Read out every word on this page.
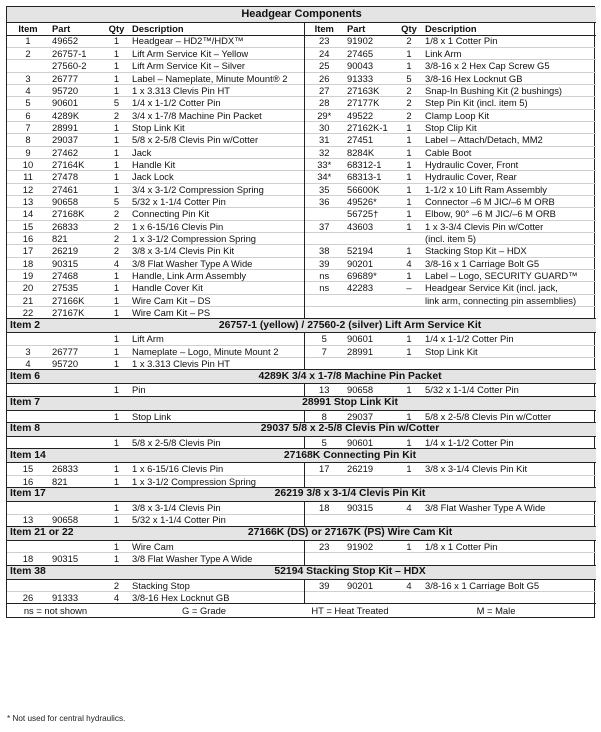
Headgear Components							
Item	Part	Qty	Description	Item	Part	Qty	Description
1	49652	1	Headgear – HD2™/HDX™	23	91902	2	1/8 x 1 Cotter Pin
2	26757-1	1	Lift Arm Service Kit – Yellow	24	27465	1	Link Arm
	27560-2	1	Lift Arm Service Kit – Silver	25	90043	1	3/8-16 x 2 Hex Cap Screw G5
3	26777	1	Label – Nameplate, Minute Mount® 2	26	91333	5	3/8-16 Hex Locknut GB
4	95720	1	1 x 3.313 Clevis Pin HT	27	27163K	2	Snap-In Bushing Kit (2 bushings)
5	90601	5	1/4 x 1-1/2 Cotter Pin	28	27177K	2	Step Pin Kit (incl. item 5)
6	4289K	2	3/4 x 1-7/8 Machine Pin Packet	29*	49522	2	Clamp Loop Kit
7	28991	1	Stop Link Kit	30	27162K-1	1	Stop Clip Kit
8	29037	1	5/8 x 2-5/8 Clevis Pin w/Cotter	31	27451	1	Label – Attach/Detach, MM2
9	27462	1	Jack	32	8284K	1	Cable Boot
10	27164K	1	Handle Kit	33*	68312-1	1	Hydraulic Cover, Front
11	27478	1	Jack Lock	34*	68313-1	1	Hydraulic Cover, Rear
12	27461	1	3/4 x 3-1/2 Compression Spring	35	56600K	1	1-1/2 x 10 Lift Ram Assembly
13	90658	5	5/32 x 1-1/4 Cotter Pin	36	49526*	1	Connector –6 M JIC/–6 M ORB
14	27168K	2	Connecting Pin Kit		56725†	1	Elbow, 90° –6 M JIC/–6 M ORB
15	26833	2	1 x 6-15/16 Clevis Pin	37	43603	1	1 x 3-3/4 Clevis Pin w/Cotter
16	821	2	1 x 3-1/2 Compression Spring				(incl. item 5)
17	26219	2	3/8 x 3-1/4 Clevis Pin Kit	38	52194	1	Stacking Stop Kit – HDX
18	90315	4	3/8 Flat Washer Type A Wide	39	90201	4	3/8-16 x 1 Carriage Bolt G5
19	27468	1	Handle, Link Arm Assembly	ns	69689*	1	Label – Logo, SECURITY GUARD™
20	27535	1	Handle Cover Kit	ns	42283	–	Headgear Service Kit (incl. jack,
21	27166K	1	Wire Cam Kit – DS				link arm, connecting pin assemblies)
22	27167K	1	Wire Cam Kit – PS				
Item 2		26757-1 (yellow) / 27560-2 (silver) Lift Arm Service Kit					
		1	Lift Arm	5	90601	1	1/4 x 1-1/2 Cotter Pin
3	26777	1	Nameplate – Logo, Minute Mount 2	7	28991	1	Stop Link Kit
4	95720	1	1 x 3.313 Clevis Pin HT				
Item 6		4289K 3/4 x 1-7/8 Machine Pin Packet					
		1	Pin	13	90658	1	5/32 x 1-1/4 Cotter Pin
Item 7		28991 Stop Link Kit					
		1	Stop Link	8	29037	1	5/8 x 2-5/8 Clevis Pin w/Cotter
Item 8		29037 5/8 x 2-5/8 Clevis Pin w/Cotter					
		1	5/8 x 2-5/8 Clevis Pin	5	90601	1	1/4 x 1-1/2 Cotter Pin
Item 14		27168K Connecting Pin Kit					
15	26833	1	1 x 6-15/16 Clevis Pin	17	26219	1	3/8 x 3-1/4 Clevis Pin Kit
16	821	1	1 x 3-1/2 Compression Spring				
Item 17		26219 3/8 x 3-1/4 Clevis Pin Kit					
		1	3/8 x 3-1/4 Clevis Pin	18	90315	4	3/8 Flat Washer Type A Wide
13	90658	1	5/32 x 1-1/4 Cotter Pin				
Item 21 or 22		27166K (DS) or 27167K (PS) Wire Cam Kit					
		1	Wire Cam	23	91902	1	1/8 x 1 Cotter Pin
18	90315	1	3/8 Flat Washer Type A Wide				
Item 38		52194 Stacking Stop Kit – HDX					
		2	Stacking Stop	39	90201	4	3/8-16 x 1 Carriage Bolt G5
26	91333	4	3/8-16 Hex Locknut GB				
ns = not shown		G = Grade		HT = Heat Treated		M = Male	
* Not used for central hydraulics.
